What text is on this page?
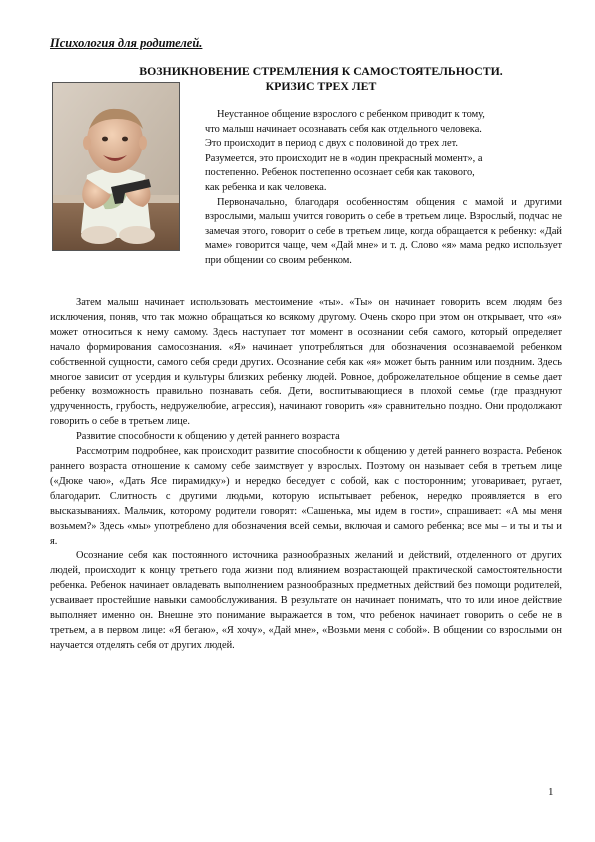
Психология для родителей.
ВОЗНИКНОВЕНИЕ СТРЕМЛЕНИЯ К САМОСТОЯТЕЛЬНОСТИ.
КРИЗИС ТРЕХ ЛЕТ

Неустанное общение взрослого с ребенком приводит к тому,
что малыш начинает осознавать себя как отдельного человека.
Это происходит в период с двух с половиной до трех лет.
Разумеется, это происходит не в «один прекрасный момент», а
постепенно. Ребенок постепенно осознает себя как такового,
как ребенка и как человека.

Первоначально, благодаря особенностям общения с мамой и другими взрослыми, малыш учится говорить о себе в третьем лице. Взрослый, подчас не замечая этого, говорит о себе в третьем лице, когда обращается к ребенку: «Дай маме» говорится чаще, чем «Дай мне» и т. д. Слово «я» мама редко использует при общении со своим ребенком.

Затем малыш начинает использовать местоимение «ты». «Ты» он начинает говорить всем людям без исключения, поняв, что так можно обращаться ко всякому другому. Очень скоро при этом он открывает, что «я» может относиться к нему самому. Здесь наступает тот момент в осознании себя самого, который определяет начало формирования самосознания. «Я» начинает употребляться для обозначения осознаваемой ребенком собственной сущности, самого себя среди других. Осознание себя как «я» может быть ранним или поздним. Здесь многое зависит от усердия и культуры близких ребенку людей. Ровное, доброжелательное общение в семье дает ребенку возможность правильно познавать себя. Дети, воспитывающиеся в плохой семье (где празднуют удрученность, грубость, недружелюбие, агрессия), начинают говорить «я» сравнительно поздно. Они продолжают говорить о себе в третьем лице.

Развитие способности к общению у детей раннего возраста

Рассмотрим подробнее, как происходит развитие способности к общению у детей раннего возраста. Ребенок раннего возраста отношение к самому себе заимствует у взрослых. Поэтому он называет себя в третьем лице («Дюке чаю», «Дать Ясе пирамидку») и нередко беседует с собой, как с посторонним; уговаривает, ругает, благодарит. Слитность с другими людьми, которую испытывает ребенок, нередко проявляется в его высказываниях. Мальчик, которому родители говорят: «Сашенька, мы идем в гости», спрашивает: «А мы меня возьмем?» Здесь «мы» употреблено для обозначения всей семьи, включая и самого ребенка; все мы – и ты и ты и я.

Осознание себя как постоянного источника разнообразных желаний и действий, отделенного от других людей, происходит к концу третьего года жизни под влиянием возрастающей практической самостоятельности ребенка. Ребенок начинает овладевать выполнением разнообразных предметных действий без помощи родителей, усваивает простейшие навыки самообслуживания. В результате он начинает понимать, что то или иное действие выполняет именно он. Внешне это понимание выражается в том, что ребенок начинает говорить о себе не в третьем, а в первом лице: «Я бегаю», «Я хочу», «Дай мне», «Возьми меня с собой». В общении со взрослыми он научается отделять себя от других людей.

1
